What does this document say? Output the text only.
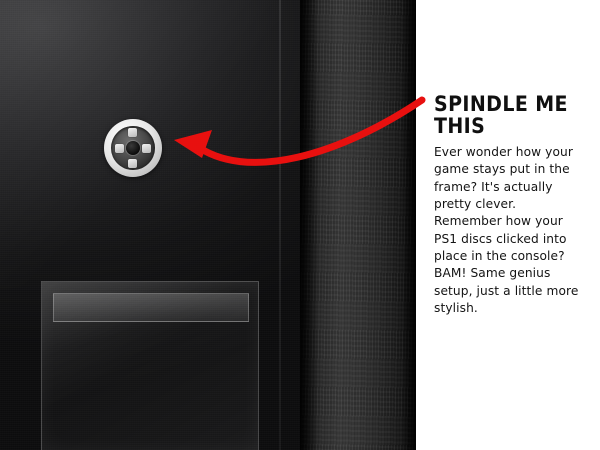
SPINDLE ME THIS

Ever wonder how your game stays put in the frame? It's actually pretty clever. Remember how your PS1 discs clicked into place in the console? BAM! Same genius setup, just a little more stylish.
